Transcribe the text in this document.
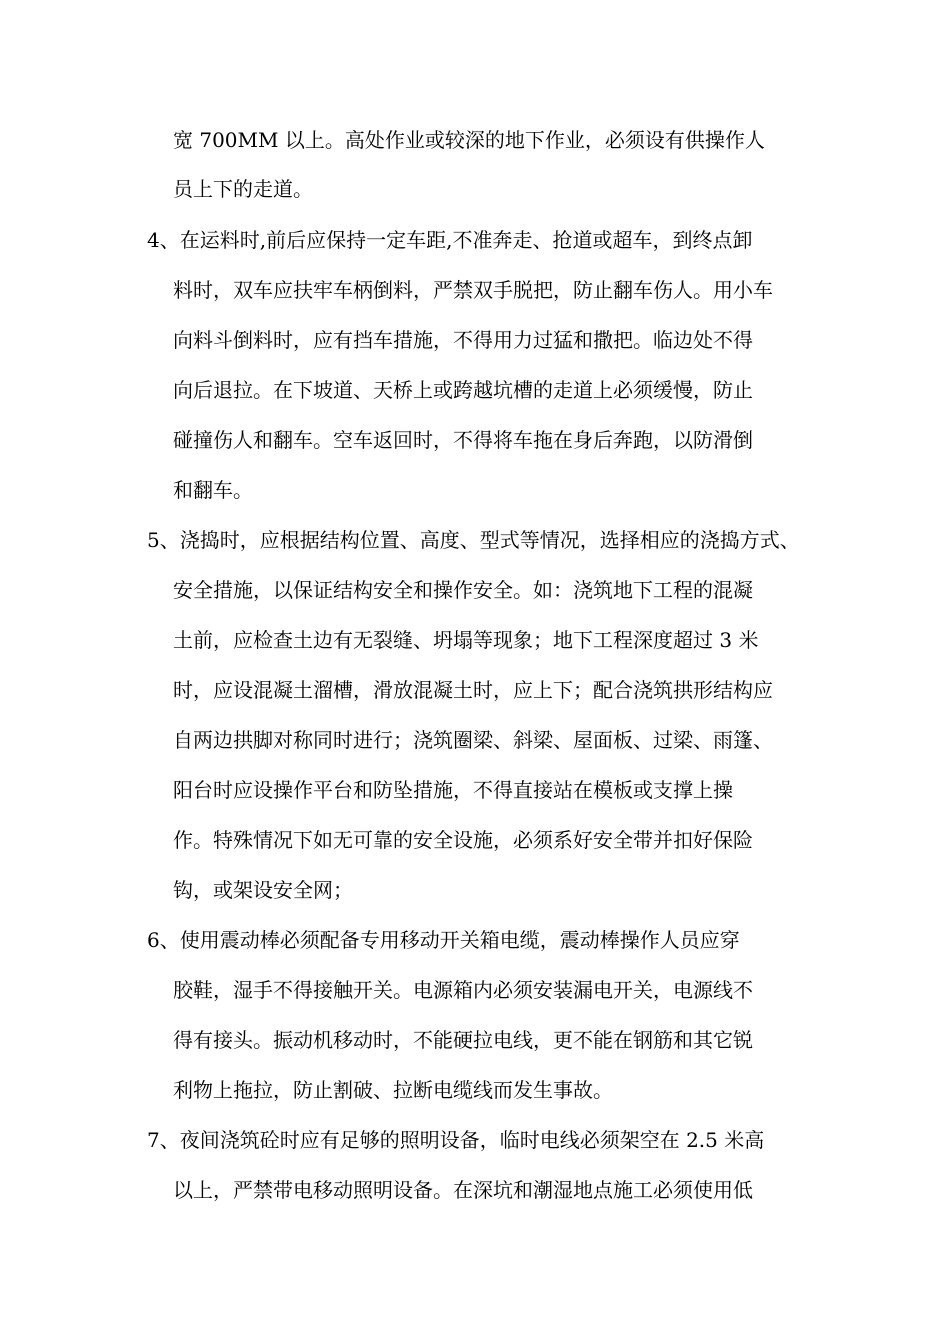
宽 700MM 以上。高处作业或较深的地下作业，必须设有供操作人
员上下的走道。
4、在运料时,前后应保持一定车距,不准奔走、抢道或超车，到终点卸
料时，双车应扶牢车柄倒料，严禁双手脱把，防止翻车伤人。用小车
向料斗倒料时，应有挡车措施，不得用力过猛和撒把。临边处不得
向后退拉。在下坡道、天桥上或跨越坑槽的走道上必须缓慢，防止
碰撞伤人和翻车。空车返回时，不得将车拖在身后奔跑，以防滑倒
和翻车。
5、浇捣时，应根据结构位置、高度、型式等情况，选择相应的浇捣方式、
安全措施，以保证结构安全和操作安全。如：浇筑地下工程的混凝
土前，应检查土边有无裂缝、坍塌等现象；地下工程深度超过 3 米
时，应设混凝土溜槽，滑放混凝土时，应上下；配合浇筑拱形结构应
自两边拱脚对称同时进行；浇筑圈梁、斜梁、屋面板、过梁、雨篷、
阳台时应设操作平台和防坠措施，不得直接站在模板或支撑上操
作。特殊情况下如无可靠的安全设施，必须系好安全带并扣好保险
钩，或架设安全网；
6、使用震动棒必须配备专用移动开关箱电缆，震动棒操作人员应穿
胶鞋，湿手不得接触开关。电源箱内必须安装漏电开关，电源线不
得有接头。振动机移动时，不能硬拉电线，更不能在钢筋和其它锐
利物上拖拉，防止割破、拉断电缆线而发生事故。
7、夜间浇筑砼时应有足够的照明设备，临时电线必须架空在 2.5 米高
以上，严禁带电移动照明设备。在深坑和潮湿地点施工必须使用低
